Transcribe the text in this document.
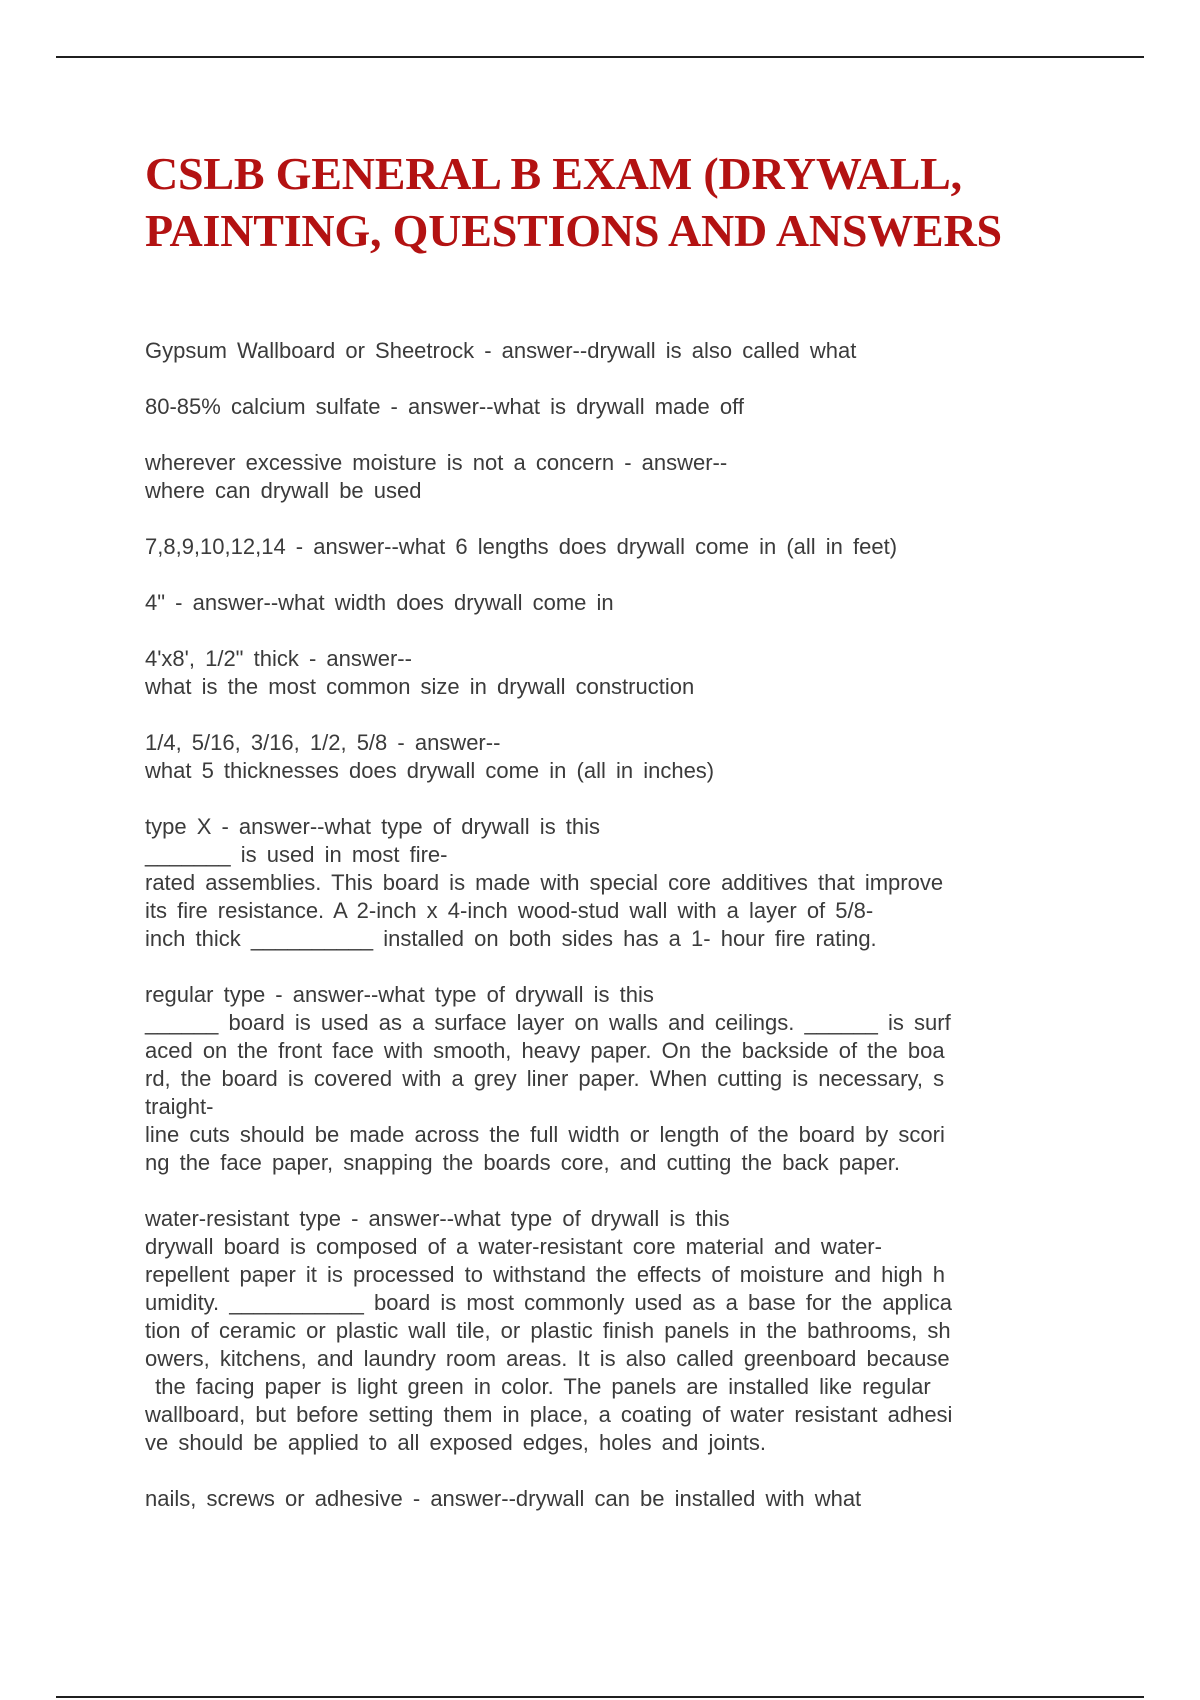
CSLB GENERAL B EXAM (DRYWALL, PAINTING, QUESTIONS AND ANSWERS
Gypsum Wallboard or Sheetrock - answer--drywall is also called what
80-85% calcium sulfate - answer--what is drywall made off
wherever excessive moisture is not a concern - answer--
where can drywall be used
7,8,9,10,12,14 - answer--what 6 lengths does drywall come in (all in feet)
4" - answer--what width does drywall come in
4'x8', 1/2" thick - answer--
what is the most common size in drywall construction
1/4, 5/16, 3/16, 1/2, 5/8 - answer--
what 5 thicknesses does drywall come in (all in inches)
type X - answer--what type of drywall is this
_______ is used in most fire-
rated assemblies. This board is made with special core additives that improve
its fire resistance. A 2-inch x 4-inch wood-stud wall with a layer of 5/8-
inch thick __________ installed on both sides has a 1- hour fire rating.
regular type - answer--what type of drywall is this
______ board is used as a surface layer on walls and ceilings. ______ is surf
aced on the front face with smooth, heavy paper. On the backside of the boa
rd, the board is covered with a grey liner paper. When cutting is necessary, s
traight-
line cuts should be made across the full width or length of the board by scori
ng the face paper, snapping the boards core, and cutting the back paper.
water-resistant type - answer--what type of drywall is this
drywall board is composed of a water-resistant core material and water-
repellent paper it is processed to withstand the effects of moisture and high h
umidity. ___________ board is most commonly used as a base for the applica
tion of ceramic or plastic wall tile, or plastic finish panels in the bathrooms, sh
owers, kitchens, and laundry room areas. It is also called greenboard because
the facing paper is light green in color. The panels are installed like regular
wallboard, but before setting them in place, a coating of water resistant adhesi
ve should be applied to all exposed edges, holes and joints.
nails, screws or adhesive - answer--drywall can be installed with what
